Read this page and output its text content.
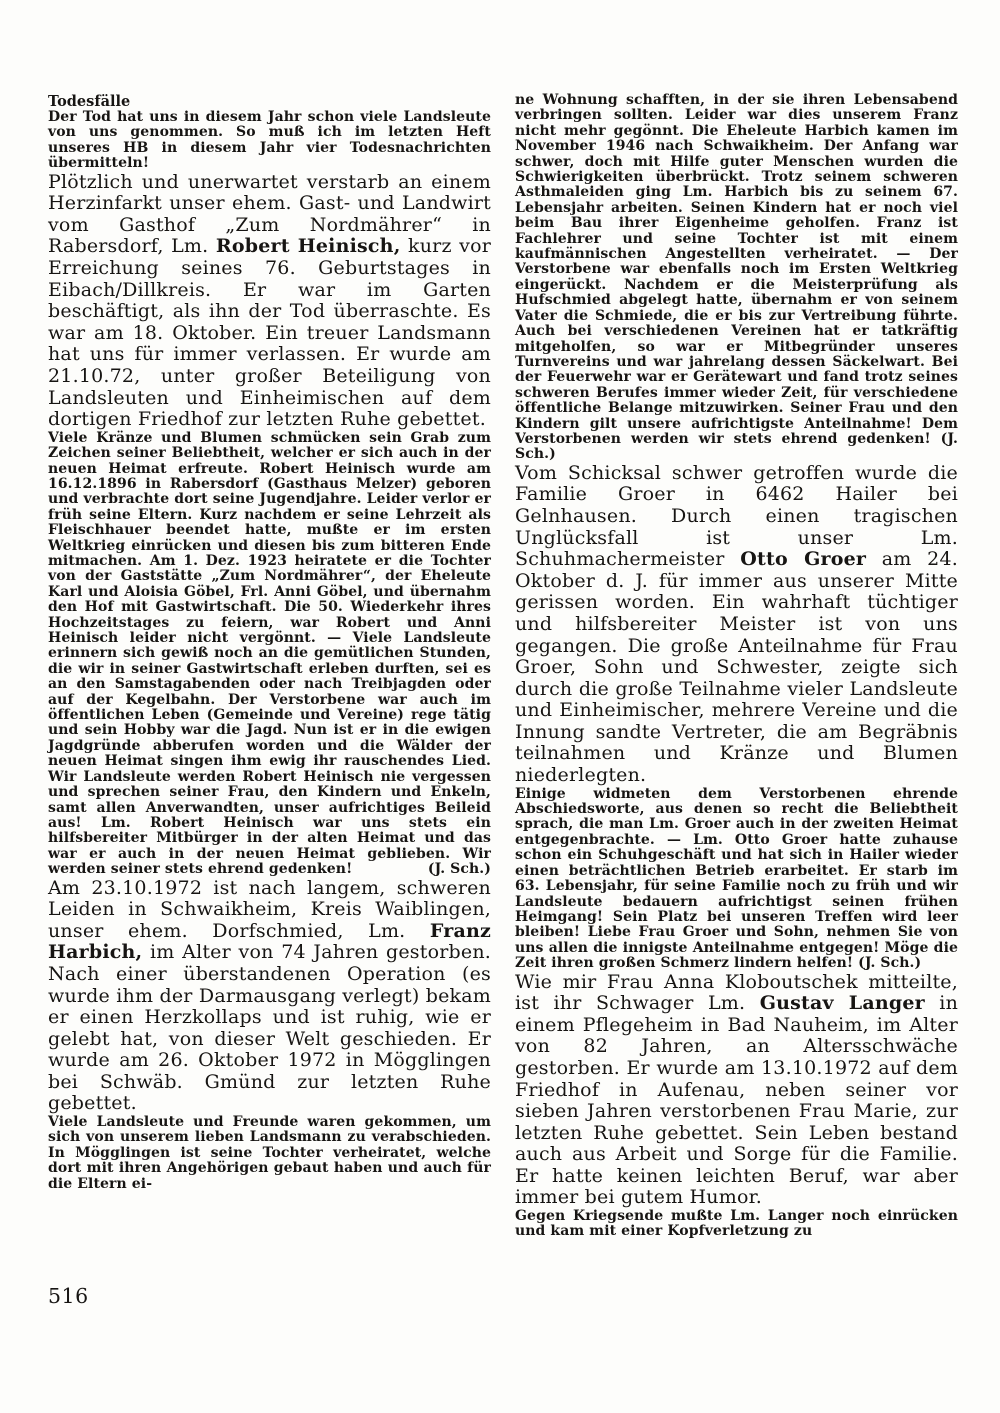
Todesfälle

Der Tod hat uns in diesem Jahr schon viele Landsleute von uns genommen. So muß ich im letzten Heft unseres HB in diesem Jahr vier Todesnachrichten übermitteln!

Plötzlich und unerwartet verstarb an einem Herzinfarkt unser ehem. Gast- und Landwirt vom Gasthof „Zum Nordmährer“ in Rabersdorf, Lm. Robert Heinisch, kurz vor Erreichung seines 76. Geburtstages in Eibach/Dillkreis. Er war im Garten beschäftigt, als ihn der Tod überraschte. Es war am 18. Oktober. Ein treuer Landsmann hat uns für immer verlassen. Er wurde am 21.10.72, unter großer Beteiligung von Landsleuten und Einheimischen auf dem dortigen Friedhof zur letzten Ruhe gebettet.

Viele Kränze und Blumen schmücken sein Grab zum Zeichen seiner Beliebtheit, welcher er sich auch in der neuen Heimat erfreute. Robert Heinisch wurde am 16.12.1896 in Rabersdorf (Gasthaus Melzer) geboren und verbrachte dort seine Jugendjahre. Leider verlor er früh seine Eltern. Kurz nachdem er seine Lehrzeit als Fleischhauer beendet hatte, mußte er im ersten Weltkrieg einrücken und diesen bis zum bitteren Ende mitmachen. Am 1. Dez. 1923 heiratete er die Tochter von der Gaststätte „Zum Nordmährer“, der Eheleute Karl und Aloisia Göbel, Frl. Anni Göbel, und übernahm den Hof mit Gastwirtschaft. Die 50. Wiederkehr ihres Hochzeitstages zu feiern, war Robert und Anni Heinisch leider nicht vergönnt. — Viele Landsleute erinnern sich gewiß noch an die gemütlichen Stunden, die wir in seiner Gastwirtschaft erleben durften, sei es an den Samstagabenden oder nach Treibjagden oder auf der Kegelbahn. Der Verstorbene war auch im öffentlichen Leben (Gemeinde und Vereine) rege tätig und sein Hobby war die Jagd. Nun ist er in die ewigen Jagdgründe abberufen worden und die Wälder der neuen Heimat singen ihm ewig ihr rauschendes Lied. Wir Landsleute werden Robert Heinisch nie vergessen und sprechen seiner Frau, den Kindern und Enkeln, samt allen Anverwandten, unser aufrichtiges Beileid aus! Lm. Robert Heinisch war uns stets ein hilfsbereiter Mitbürger in der alten Heimat und das war er auch in der neuen Heimat geblieben. Wir werden seiner stets ehrend gedenken!	(J. Sch.)

Am 23.10.1972 ist nach langem, schweren Leiden in Schwaikheim, Kreis Waiblingen, unser ehem. Dorfschmied, Lm. Franz Harbich, im Alter von 74 Jahren gestorben. Nach einer überstandenen Operation (es wurde ihm der Darmausgang verlegt) bekam er einen Herzkollaps und ist ruhig, wie er gelebt hat, von dieser Welt geschieden. Er wurde am 26. Oktober 1972 in Mögglingen bei Schwäb. Gmünd zur letzten Ruhe gebettet.

Viele Landsleute und Freunde waren gekommen, um sich von unserem lieben Landsmann zu verabschieden. In Mögglingen ist seine Tochter verheiratet, welche dort mit ihren Angehörigen gebaut haben und auch für die Eltern ei-

ne Wohnung schafften, in der sie ihren Lebensabend verbringen sollten. Leider war dies unserem Franz nicht mehr gegönnt. Die Eheleute Harbich kamen im November 1946 nach Schwaikheim. Der Anfang war schwer, doch mit Hilfe guter Menschen wurden die Schwierigkeiten überbrückt. Trotz seinem schweren Asthmaleiden ging Lm. Harbich bis zu seinem 67. Lebensjahr arbeiten. Seinen Kindern hat er noch viel beim Bau ihrer Eigenheime geholfen. Franz ist Fachlehrer und seine Tochter ist mit einem kaufmännischen Angestellten verheiratet. — Der Verstorbene war ebenfalls noch im Ersten Weltkrieg eingerückt. Nachdem er die Meisterprüfung als Hufschmied abgelegt hatte, übernahm er von seinem Vater die Schmiede, die er bis zur Vertreibung führte. Auch bei verschiedenen Vereinen hat er tatkräftig mitgeholfen, so war er Mitbegründer unseres Turnvereins und war jahrelang dessen Säckelwart. Bei der Feuerwehr war er Gerätewart und fand trotz seines schweren Berufes immer wieder Zeit, für verschiedene öffentliche Belange mitzuwirken. Seiner Frau und den Kindern gilt unsere aufrichtigste Anteilnahme! Dem Verstorbenen werden wir stets ehrend gedenken! (J. Sch.)

Vom Schicksal schwer getroffen wurde die Familie Groer in 6462 Hailer bei Gelnhausen. Durch einen tragischen Unglücksfall ist unser Lm. Schuhmachermeister Otto Groer am 24. Oktober d. J. für immer aus unserer Mitte gerissen worden. Ein wahrhaft tüchtiger und hilfsbereiter Meister ist von uns gegangen. Die große Anteilnahme für Frau Groer, Sohn und Schwester, zeigte sich durch die große Teilnahme vieler Landsleute und Einheimischer, mehrere Vereine und die Innung sandte Vertreter, die am Begräbnis teilnahmen und Kränze und Blumen niederlegten.

Einige widmeten dem Verstorbenen ehrende Abschiedsworte, aus denen so recht die Beliebtheit sprach, die man Lm. Groer auch in der zweiten Heimat entgegenbrachte. — Lm. Otto Groer hatte zuhause schon ein Schuhgeschäft und hat sich in Hailer wieder einen beträchtlichen Betrieb erarbeitet. Er starb im 63. Lebensjahr, für seine Familie noch zu früh und wir Landsleute bedauern aufrichtigst seinen frühen Heimgang! Sein Platz bei unseren Treffen wird leer bleiben! Liebe Frau Groer und Sohn, nehmen Sie von uns allen die innigste Anteilnahme entgegen! Möge die Zeit ihren großen Schmerz lindern helfen! (J. Sch.)

Wie mir Frau Anna Kloboutschek mitteilte, ist ihr Schwager Lm. Gustav Langer in einem Pflegeheim in Bad Nauheim, im Alter von 82 Jahren, an Altersschwäche gestorben. Er wurde am 13.10.1972 auf dem Friedhof in Aufenau, neben seiner vor sieben Jahren verstorbenen Frau Marie, zur letzten Ruhe gebettet. Sein Leben bestand auch aus Arbeit und Sorge für die Familie. Er hatte keinen leichten Beruf, war aber immer bei gutem Humor.

Gegen Kriegsende mußte Lm. Langer noch einrücken und kam mit einer Kopfverletzung zu

516
